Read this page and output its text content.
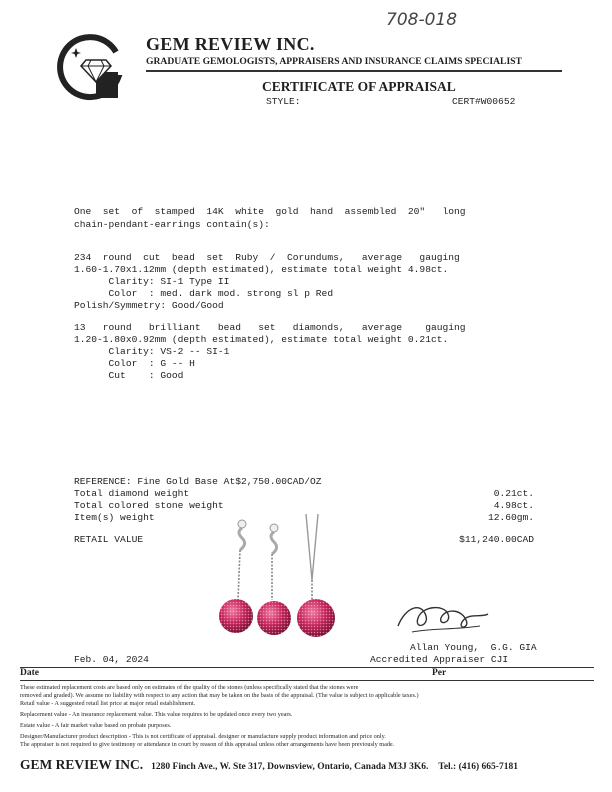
708-018
GEM REVIEW INC.
GRADUATE GEMOLOGISTS, APPRAISERS AND INSURANCE CLAIMS SPECIALIST
CERTIFICATE OF APPRAISAL
STYLE:	CERT#W00652
One  set  of  stamped  14K  white  gold  hand  assembled  20"   long
chain-pendant-earrings contain(s):
234  round  cut  bead  set  Ruby  /  Corundums,   average   gauging
1.60-1.70x1.12mm (depth estimated), estimate total weight 4.98ct.
Clarity: SI-1 Type II
Color  : med. dark mod. strong sl p Red
Polish/Symmetry: Good/Good
13   round   brilliant   bead   set   diamonds,   average    gauging
1.20-1.80x0.92mm (depth estimated), estimate total weight 0.21ct.
Clarity: VS-2 -- SI-1
Color  : G -- H
Cut    : Good
REFERENCE: Fine Gold Base At$2,750.00CAD/OZ
Total diamond weight	0.21ct.
Total colored stone weight	4.98ct.
Item(s) weight	12.60gm.
RETAIL VALUE	$11,240.00CAD
Allan Young,  G.G. GIA
Accredited Appraiser CJI
Feb. 04, 2024
Date	Per
These estimated replacement costs are based only on estimates of the quality of the stones (unless specifically stated that the stones were
removed and graded). We assume no liability with respect to any action that may be taken on the basis of the appraisal. (The value is subject to applicable taxes.)
Retail value - A suggested retail list price at major retail establishment.
Replacement value - An insurance replacement value. This value requires to be updated once every two years.
Estate value - A fair market value based on probate purposes.
Designer/Manufacturer product description - This is not certificate of appraisal. designer or manufacture supply product information and price only.
The appraiser is not required to give testimony or attendance in court by reason of this appraisal unless other arrangements have been previously made.
GEM REVIEW INC. 1280 Finch Ave., W. Ste 317, Downsview, Ontario, Canada M3J 3K6. Tel.: (416) 665-7181
